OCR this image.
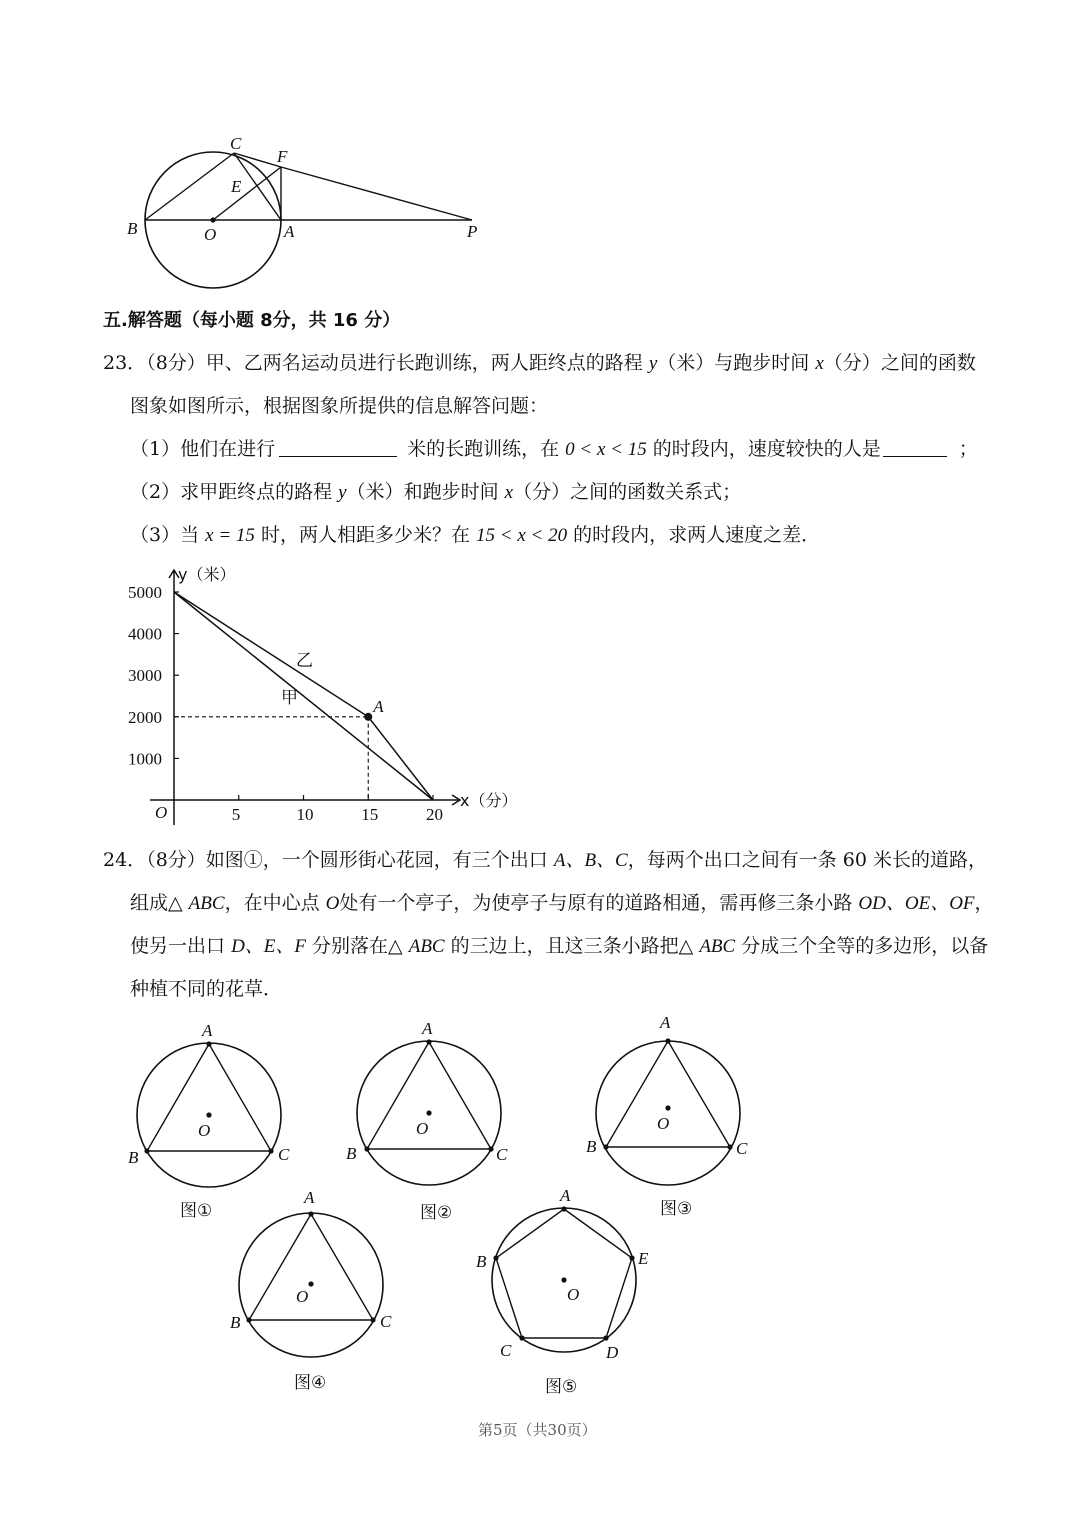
C
F
E
B	O	A	P
五.解答题（每小题 8分，共 16 分）
23．（8分）甲、乙两名运动员进行长跑训练，两人距终点的路程 y（米）与跑步时间 x（分）之间的函数
图象如图所示，根据图象所提供的信息解答问题：
（1）他们在进行	米的长跑训练，在 0 < x < 15 的时段内，速度较快的人是	；
（2）求甲距终点的路程 y（米）和跑步时间 x（分）之间的函数关系式；
（3）当 x = 15 时，两人相距多少米？在 15 < x < 20 的时段内，求两人速度之差．
y（米）
x（分）
O	5	10	15	20
1000
2000
3000
4000
5000
乙
甲	A
24．（8分）如图①，一个圆形街心花园，有三个出口 A、B、C，每两个出口之间有一条 60 米长的道路，
组成△ ABC，在中心点 O处有一个亭子，为使亭子与原有的道路相通，需再修三条小路 OD、OE、OF，
使另一出口 D、E、F 分别落在△ ABC 的三边上，且这三条小路把△ ABC 分成三个全等的多边形，以备
种植不同的花草．
A
B	C
O
图①
A
B	C
O
图②
A
B	C
O
图③
A
B	C
O
图④
A
B	E
C	D
O
图⑤
第5页（共30页）
